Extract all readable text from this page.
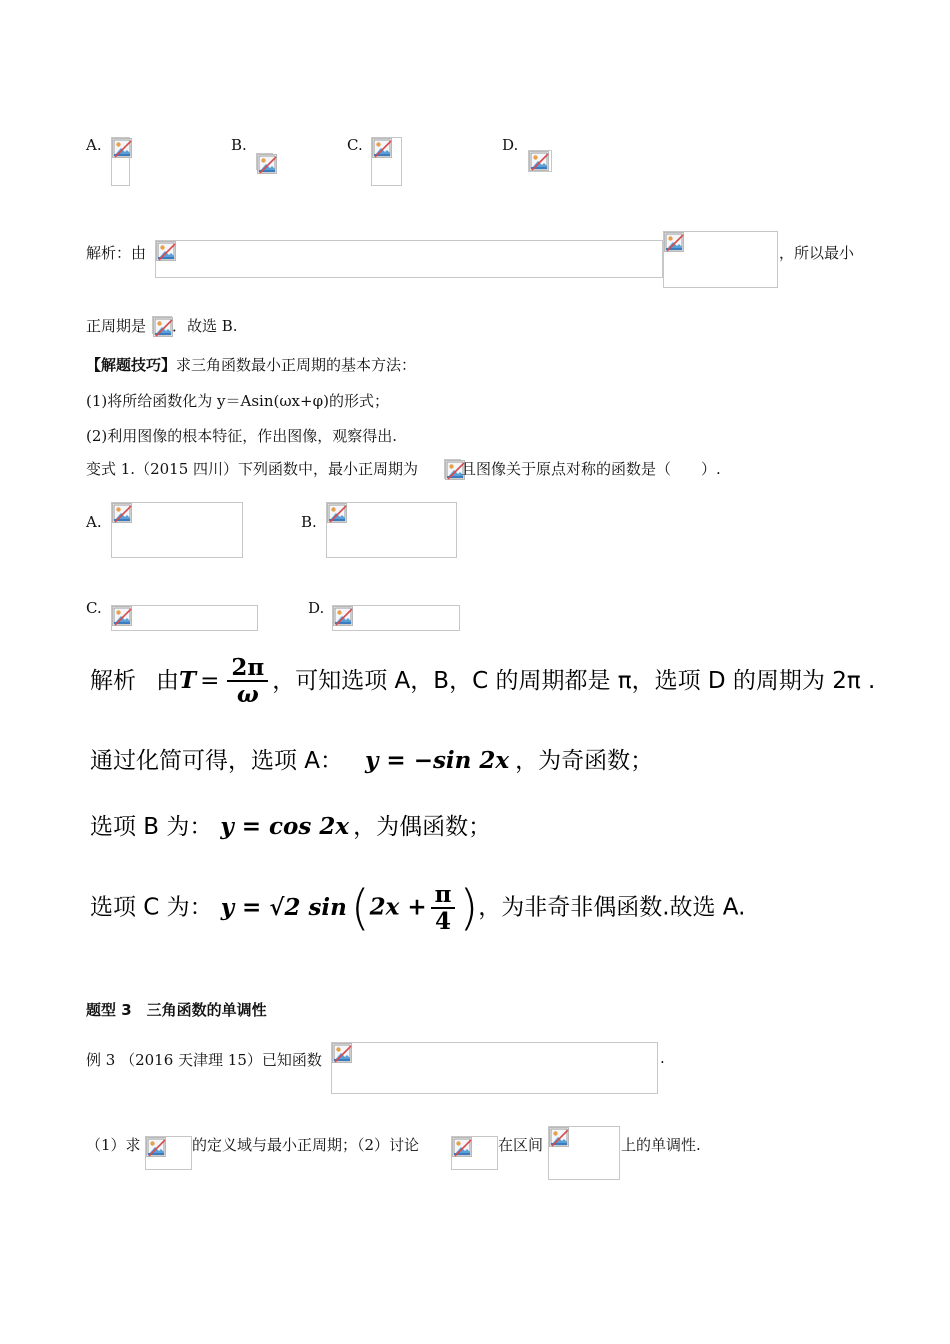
A.	B.	C.	D.
解析：由	，所以最小
正周期是 ．故选 B.
【解题技巧】求三角函数最小正周期的基本方法：
(1)将所给函数化为 y＝Asin(ωx+φ)的形式；
(2)利用图像的根本特征，作出图像，观察得出.
变式 1.（2015 四川）下列函数中，最小正周期为	且图像关于原点对称的函数是（　　）.
A.	B.
C.	D.
解析 由$T = \frac{2\pi}{\omega}$ ，可知选项 A，B，C 的周期都是 π，选项 D 的周期为 2π .
通过化简可得，选项 A： y = −sin 2x ，为奇函数；
选项 B 为： y = cos 2x ，为偶函数；
选项 C 为： y = √2 $\sin(2x + \frac{\pi}{4}$ )，为非奇非偶函数.故选 A.
题型 3　三角函数的单调性
例 3 （2016 天津理 15）已知函数	.
（1）求	的定义域与最小正周期；（2）讨论	在区间	上的单调性.
